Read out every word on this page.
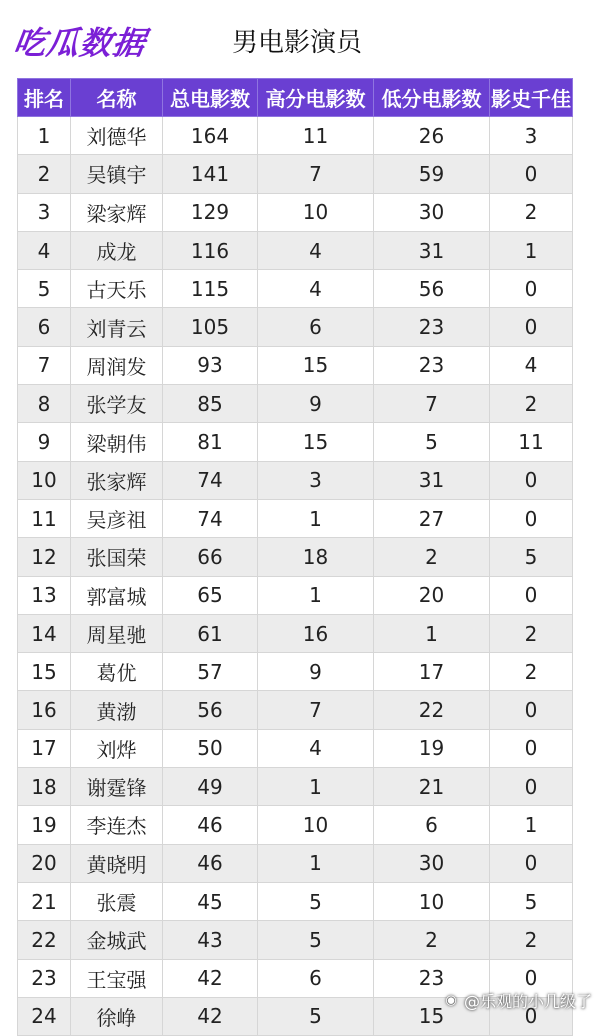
吃瓜数据	男电影演员
排名	名称	总电影数	高分电影数	低分电影数	影史千佳
1	刘德华	164	11	26	3
2	吴镇宇	141	7	59	0
3	梁家辉	129	10	30	2
4	成龙	116	4	31	1
5	古天乐	115	4	56	0
6	刘青云	105	6	23	0
7	周润发	93	15	23	4
8	张学友	85	9	7	2
9	梁朝伟	81	15	5	11
10	张家辉	74	3	31	0
11	吴彦祖	74	1	27	0
12	张国荣	66	18	2	5
13	郭富城	65	1	20	0
14	周星驰	61	16	1	2
15	葛优	57	9	17	2
16	黄渤	56	7	22	0
17	刘烨	50	4	19	0
18	谢霆锋	49	1	21	0
19	李连杰	46	10	6	1
20	黄晓明	46	1	30	0
21	张震	45	5	10	5
22	金城武	43	5	2	2
23	王宝强	42	6	23	0
24	徐峥	42	5	15	0
◉ @乐观的小几级了
